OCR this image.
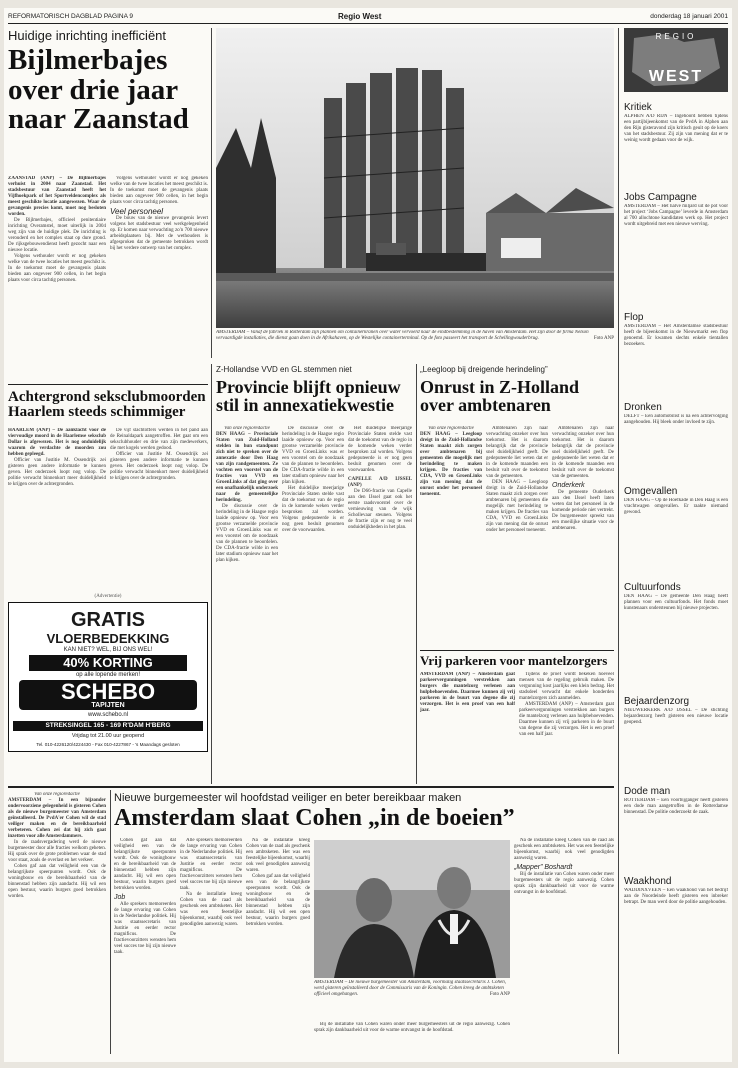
REFORMATORISCH DAGBLAD PAGINA 9	Regio West	donderdag 18 januari 2001
Huidige inrichting inefficiënt
Bijlmerbajes over drie jaar naar Zaanstad

ZAANSTAD (ANP) – De Bijlmerbajes verhuist in 2004 naar Zaanstad. Het stadsbestuur van Zaanstad heeft het Vijfhoekpark of het Sportveldencomplex als meest geschikte locatie aangewezen. Waar de gevangenis precies komt, moet nog besloten worden.

De Bijlmerbajes, officieel penitentiaire inrichting Overamstel, moet uiterlijk in 2004 weg zijn van de huidige plek. De inrichting is verouderd en het complex staat op dure grond. De rijksgebouwendienst heeft gezocht naar een nieuwe locatie.

Volgens wethouder wordt er nog gekeken welke van de twee locaties het meest geschikt is. In de toekomst moet de gevangenis plaats bieden aan ongeveer 900 cellen, in het begin plaats voor circa tachtig personen.

Volgens wethouder wordt er nog gekeken welke van de twee locaties het meest geschikt is. In de toekomst moet de gevangenis plaats bieden aan ongeveer 900 cellen, in het begin plaats voor circa tachtig personen.

Veel personeel

De bouw van de nieuwe gevangenis levert volgens het stadsbestuur veel werkgelegenheid op. Er komen naar verwachting zo'n 700 nieuwe arbeidsplaatsen bij. Met de wethouders is afgesproken dat de gemeente betrokken wordt bij het verdere ontwerp van het complex.

AMSTERDAM – Vanaf de fabriek in Rotterdam zijn plannen om containerkranen over water vervoerd naar de eindbestemming in de haven van Amsterdam. Het zijn door de firma Nelson vervaardigde installaties, die dienst gaan doen in de Afrikahaven, op de Westelijke containerterminal. Op de foto passeert het transport de Schellingwouderbrug.	Foto ANP
Achtergrond seksclubmoorden Haarlem steeds schimmiger

HAARLEM (ANP) – De aanklacht voor de viervoudige moord in de Haarlemse seksclub Dollar is afgewezen. Het is nog onduidelijk waarom de verdachte de moorden zou hebben gepleegd.

Officier van Justitie M. Ossendrijk zei gisteren geen andere informatie te kunnen geven. Het onderzoek loopt nog volop. De politie verwacht binnenkort meer duidelijkheid te krijgen over de achtergronden.

De vijf slachtoffers werden in het pand aan de Reinaldapark aangetroffen. Het gaat om een seksclubhouder en drie van zijn medewerkers, die met kogels werden gedood.

Officier van Justitie M. Ossendrijk zei gisteren geen andere informatie te kunnen geven. Het onderzoek loopt nog volop. De politie verwacht binnenkort meer duidelijkheid te krijgen over de achtergronden.

(Advertentie)
GRATIS
VLOERBEDEKKING
KAN NIET? WEL, BIJ ONS WEL!
40% KORTING
op alle lopende merken!
SCHEBO
TAPIJTEN
www.schebo.nl
STREKSINGEL 165 - 169 R'DAM H'BERG
Vrijdag tot 21.00 uur geopend
Tel. 010-4226120/4224430 - Fax 010-4227867 - 's Maandags gesloten
Z-Hollandse VVD en GL stemmen niet
Provincie blijft opnieuw stil in annexatiekwestie
Van onze regioredactie

DEN HAAG – Provinciale Staten van Zuid-Holland stelden in hun standpunt zich niet te spreken over de annexatie door Den Haag van zijn randgemeenten. Ze vochten een voorstel van de fracties van VVD en GroenLinks af dat ging over een onafhankelijk onderzoek naar de gemeentelijke herindeling.

De discussie over de herindeling in de Haagse regio laaide opnieuw op. Voor een grootse verzamelde provincie VVD en GroenLinks was er een voorstel om de noodzaak van de plannen te beoordelen. De CDA-fractie wilde in een later stadium opnieuw naar het plan kijken.

De discussie over de herindeling in de Haagse regio laaide opnieuw op. Voor een grootse verzamelde provincie VVD en GroenLinks was er een voorstel om de noodzaak van de plannen te beoordelen. De CDA-fractie wilde in een later stadium opnieuw naar het plan kijken.

Het duidelijke meerjarige Provinciale Staten stelde vast dat de toekomst van de regio in de komende weken verder besproken zal worden. Volgens gedeputeerde is er nog geen besluit genomen over de voorwaarden.

Het duidelijke meerjarige Provinciale Staten stelde vast dat de toekomst van de regio in de komende weken verder besproken zal worden. Volgens gedeputeerde is er nog geen besluit genomen over de voorwaarden.

CAPELLE A/D IJSSEL (ANP)

De D66-fractie van Capelle aan den IJssel gaat ook het eerste raadsvoorstel over de vernieuwing van de wijk Schollevaar steunen. Volgens de fractie zijn er nog te veel onduidelijkheden in het plan.

„Leegloop bij dreigende herindeling”
Onrust in Z-Holland over ambtenaren
Van onze regioredactie

DEN HAAG – Leegloop dreigt in de Zuid-Hollandse Staten maakt zich zorgen over ambtenaren bij gemeenten die mogelijk met herindeling te maken krijgen. De fracties van CDA, VVD en GroenLinks zijn van mening dat de onrust onder het personeel toeneemt.

Ambtenaren zijn naar verwachting onzeker over hun toekomst. Het is daarom belangrijk dat de provincie snel duidelijkheid geeft. De gedeputeerde liet weten dat er in de komende maanden een besluit valt over de toekomst van de gemeenten.

DEN HAAG – Leegloop dreigt in de Zuid-Hollandse Staten maakt zich zorgen over ambtenaren bij gemeenten die mogelijk met herindeling te maken krijgen. De fracties van CDA, VVD en GroenLinks zijn van mening dat de onrust onder het personeel toeneemt.

Ambtenaren zijn naar verwachting onzeker over hun toekomst. Het is daarom belangrijk dat de provincie snel duidelijkheid geeft. De gedeputeerde liet weten dat er in de komende maanden een besluit valt over de toekomst van de gemeenten.

Onderkerk

De gemeente Ouderkerk aan den IJssel heeft laten weten dat het personeel in de komende periode niet vertrekt. De burgemeester spreekt van een moeilijke situatie voor de ambtenaren.

Vrij parkeren voor mantelzorgers

AMSTERDAM (ANP) – Amsterdam gaat parkeervergunningen verstrekken aan burgers die mantelzorg verlenen aan hulpbehoevenden. Daarmee kunnen zij vrij parkeren in de buurt van degene die zij verzorgen. Het is een proef van een half jaar.

Tijdens de proef wordt bekeken hoeveel mensen van de regeling gebruik maken. De vergunning kost jaarlijks een klein bedrag. Het stadsdeel verwacht dat enkele honderden mantelzorgers zich aanmelden.

AMSTERDAM (ANP) – Amsterdam gaat parkeervergunningen verstrekken aan burgers die mantelzorg verlenen aan hulpbehoevenden. Daarmee kunnen zij vrij parkeren in de buurt van degene die zij verzorgen. Het is een proef van een half jaar.

Van onze regioredactie

AMSTERDAM – In een bijzonder ondervoorziene gelegenheid is gisteren Cohen als de nieuwe burgemeester van Amsterdam geïnstalleerd. De PvdA'er Cohen wil de stad veiliger maken en de bereikbaarheid verbeteren. Cohen zei dat hij zich gaat inzetten voor alle Amsterdammers.

In de raadsvergadering werd de nieuwe burgemeester door alle fracties welkom geheten. Hij sprak over de grote problemen waar de stad voor staat, zoals de overlast en het verkeer.

Cohen gaf aan dat veiligheid een van de belangrijkste speerpunten wordt. Ook de woningbouw en de bereikbaarheid van de binnenstad hebben zijn aandacht. Hij wil een open bestuur, waarin burgers goed betrokken worden.

Nieuwe burgemeester wil hoofdstad veiliger en beter bereikbaar maken
Amsterdam slaat Cohen „in de boeien”

Cohen gaf aan dat veiligheid een van de belangrijkste speerpunten wordt. Ook de woningbouw en de bereikbaarheid van de binnenstad hebben zijn aandacht. Hij wil een open bestuur, waarin burgers goed betrokken worden.

Job

Alle sprekers memoreerden de lange ervaring van Cohen in de Nederlandse politiek. Hij was staatssecretaris van Justitie en eerder rector magnificus. De fractievoorzitters wensten hem veel succes toe bij zijn nieuwe taak.

Alle sprekers memoreerden de lange ervaring van Cohen in de Nederlandse politiek. Hij was staatssecretaris van Justitie en eerder rector magnificus. De fractievoorzitters wensten hem veel succes toe bij zijn nieuwe taak.

Na de installatie kreeg Cohen van de raad als geschenk een ambtsketen. Het was een feestelijke bijeenkomst, waarbij ook veel genodigden aanwezig waren.

Na de installatie kreeg Cohen van de raad als geschenk een ambtsketen. Het was een feestelijke bijeenkomst, waarbij ook veel genodigden aanwezig waren.

Cohen gaf aan dat veiligheid een van de belangrijkste speerpunten wordt. Ook de woningbouw en de bereikbaarheid van de binnenstad hebben zijn aandacht. Hij wil een open bestuur, waarin burgers goed betrokken worden.

AMSTERDAM – De nieuwe burgemeester van Amsterdam, voormalig staatssecretaris J. Cohen, werd gisteren geïnstalleerd door de Commissaris van de Koningin. Cohen kreeg de ambtsketen officieel omgehangen.	Foto ANP

Bij de installatie van Cohen waren onder meer burgemeesters uit de regio aanwezig. Cohen sprak zijn dankbaarheid uit voor de warme ontvangst in de hoofdstad.

Na de installatie kreeg Cohen van de raad als geschenk een ambtsketen. Het was een feestelijke bijeenkomst, waarbij ook veel genodigden aanwezig waren.

„Mapper” Boshardt

Bij de installatie van Cohen waren onder meer burgemeesters uit de regio aanwezig. Cohen sprak zijn dankbaarheid uit voor de warme ontvangst in de hoofdstad.

REGIO
WEST
Kritiek
ALPHEN A/D RIJN – Ingehoord hebben tijdens een partijbijeenkomst van de PvdA in Alphen aan den Rijn gisteravond zijn kritisch geuit op de koers van het stadsbestuur. Zij zijn van mening dat er te weinig wordt gedaan voor de wijk.
Jobs Campagne
AMSTERDAM – Het halve miljard uit de pot voor het project ‘Jobs Campagne’ leverde in Amsterdam al 700 allochtone kandidaten werk op. Het project wordt uitgebreid met een nieuwe werving.
Flop
AMSTERDAM – Het Amsterdamse stadsbestuur heeft de bijeenkomst in de Nieuwmarkt een flop genoemd. Er kwamen slechts enkele tientallen bezoekers.
Dronken
DELFT – Een automobilist is na een achtervolging aangehouden. Hij bleek onder invloed te zijn.
Omgevallen
DEN HAAG – Op de Hoefkade in Den Haag is een vrachtwagen omgevallen. Er raakte niemand gewond.
Cultuurfonds
DEN HAAG – De gemeente Den Haag heeft plannen voor een cultuurfonds. Het fonds moet kunstenaars ondersteunen bij nieuwe projecten.
Bejaardenzorg
NIEUWERKERK A/D IJSSEL – De stichting bejaardenzorg heeft gisteren een nieuwe locatie geopend.
Dode man
ROTTERDAM – Een voorbijganger heeft gisteren een dode man aangetroffen in de Rotterdamse binnenstad. De politie onderzoekt de zaak.
Waakhond
WADDINXVEEN – Een waakhond van het bedrijf aan de Noordeinde heeft gisteren een inbreker betrapt. De man werd door de politie aangehouden.
